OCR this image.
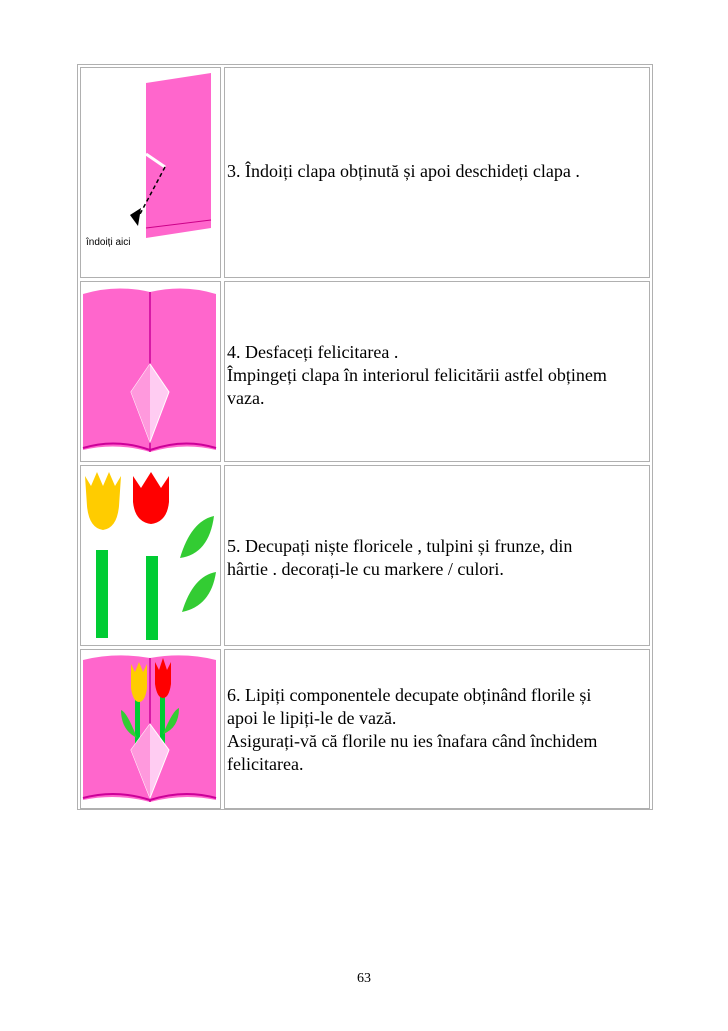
îndoiți aici
3. Îndoiți clapa obținută și apoi deschideți clapa .
4. Desfaceți felicitarea .
Împingeți clapa în interiorul felicitării astfel obținem
vaza.
5. Decupați niște floricele , tulpini și frunze, din
hârtie . decorați-le cu markere / culori.
6. Lipiți componentele decupate obținând florile și
apoi le lipiți-le de vază.
Asigurați-vă că florile nu ies înafara când închidem
felicitarea.
63
